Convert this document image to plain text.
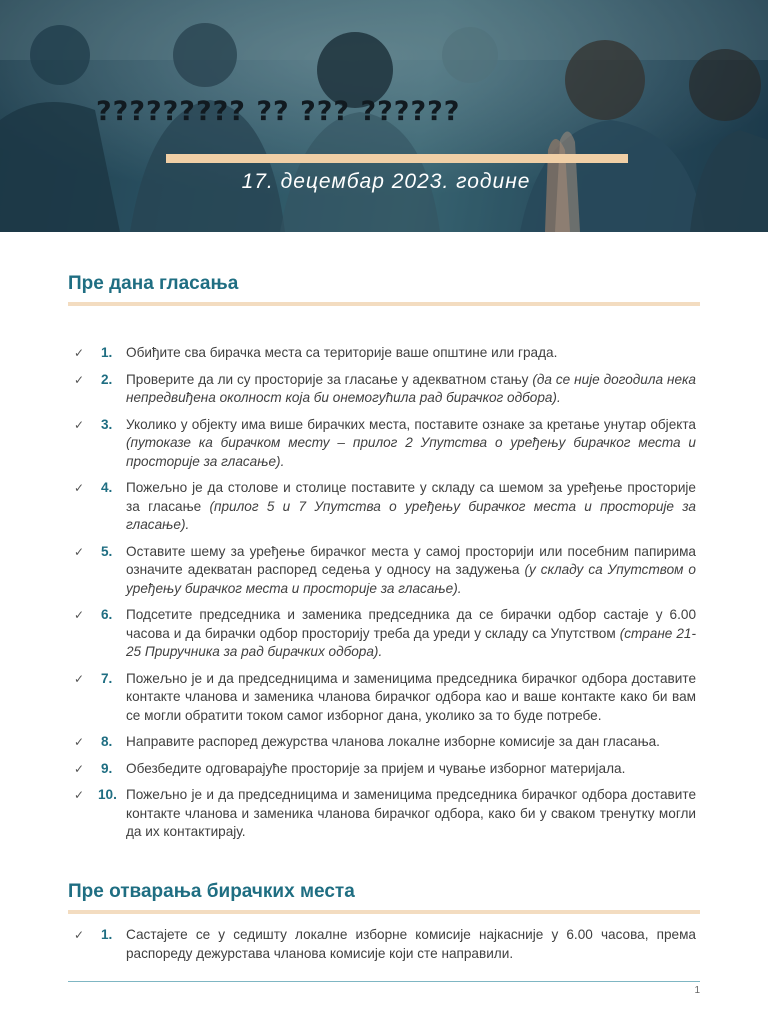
????????? ?? ??? ??????
17. децембар 2023. године
Пре дана гласања
✓ 1. Обиђите сва бирачка места са територије ваше општине или града.
✓ 2. Проверите да ли су просторије за гласање у адекватном стању (да се није догодила нека непредвиђена околност која би онемогућила рад бирачког одбора).
✓ 3. Уколико у објекту има више бирачких места, поставите ознаке за кретање унутар објекта (путоказе ка бирачком месту – прилог 2 Упутства о уређењу бирачког места и просторије за гласање).
✓ 4. Пожељно је да столове и столице поставите у складу са шемом за уређење просторије за гласање (прилог 5 и 7 Упутства о уређењу бирачког места и просторије за гласање).
✓ 5. Оставите шему за уређење бирачког места у самој просторији или посебним папирима означите адекватан распоред седења у односу на задужења (у складу са Упутством о уређењу бирачког места и просторије за гласање).
✓ 6. Подсетите председника и заменика председника да се бирачки одбор састаје у 6.00 часова и да бирачки одбор просторију треба да уреди у складу са Упутством (стране 21-25 Приручника за рад бирачких одбора).
✓ 7. Пожељно је и да председницима и заменицима председника бирачког одбора доставите контакте чланова и заменика чланова бирачког одбора као и ваше контакте како би вам се могли обратити током самог изборног дана, уколико за то буде потребе.
✓ 8. Направите распоред дежурства чланова локалне изборне комисије за дан гласања.
✓ 9. Обезбедите одговарајуће просторије за пријем и чување изборног материјала.
✓ 10. Пожељно је и да председницима и заменицима председника бирачког одбора доставите контакте чланова и заменика чланова бирачког одбора, како би у сваком тренутку могли да их контактирају.
Пре отварања бирачких места
✓ 1. Састајете се у седишту локалне изборне комисије најкасније у 6.00 часова, према распореду дежурстава чланова комисије који сте направили.
1
